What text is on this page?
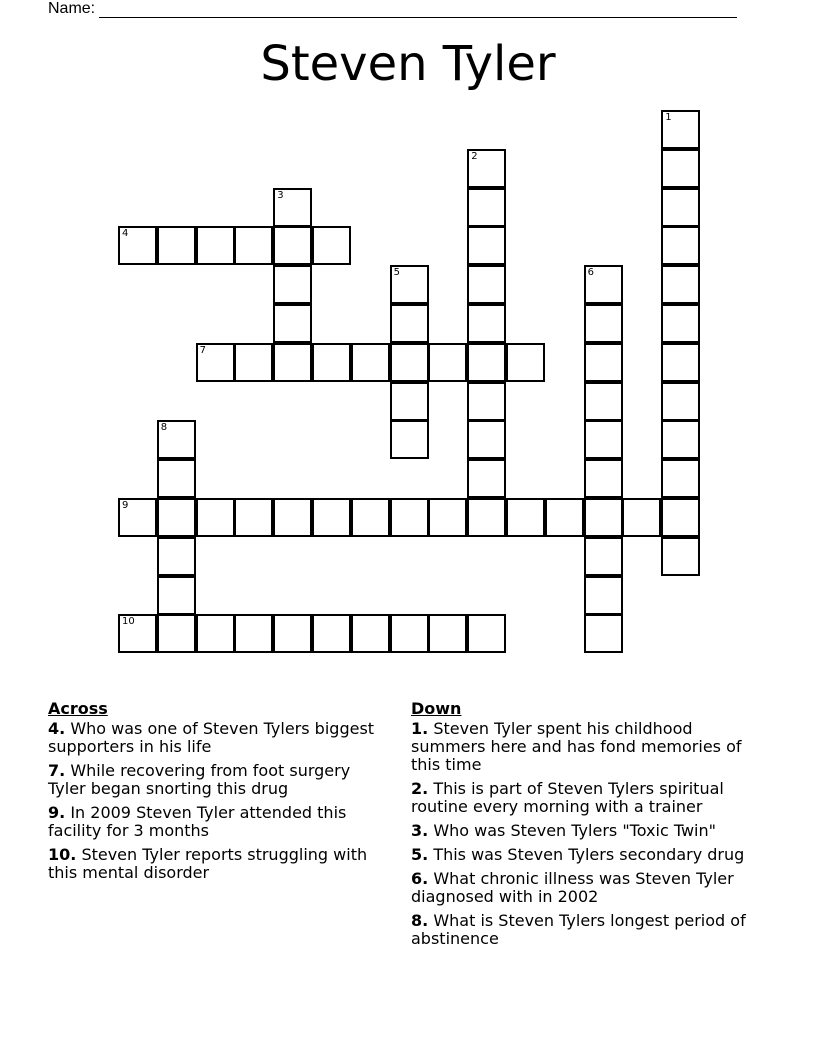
Name:
Steven Tyler
1
2
3
4
5	6
7
8
9
10
Across
4. Who was one of Steven Tylers biggest supporters in his life
7. While recovering from foot surgery Tyler began snorting this drug
9. In 2009 Steven Tyler attended this facility for 3 months
10. Steven Tyler reports struggling with this mental disorder
Down
1. Steven Tyler spent his childhood summers here and has fond memories of this time
2. This is part of Steven Tylers spiritual routine every morning with a trainer
3. Who was Steven Tylers "Toxic Twin"
5. This was Steven Tylers secondary drug
6. What chronic illness was Steven Tyler diagnosed with in 2002
8. What is Steven Tylers longest period of abstinence
